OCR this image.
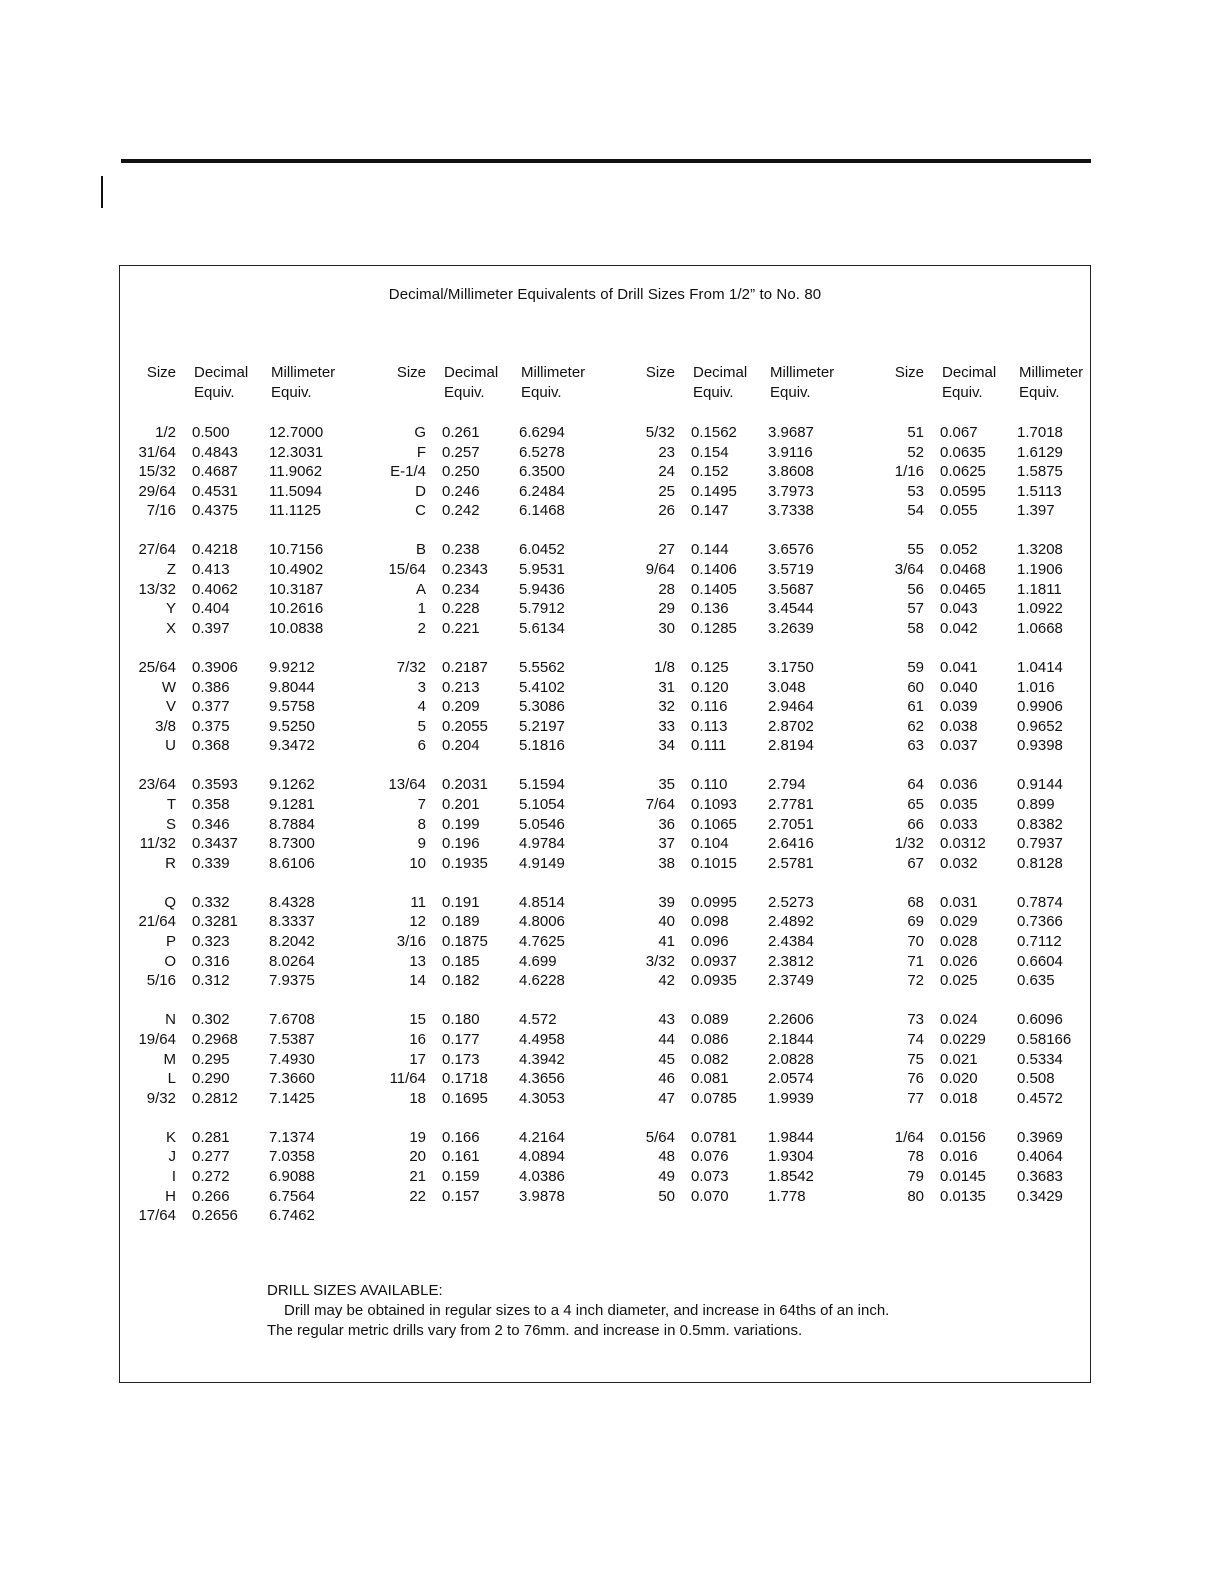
Decimal/Millimeter Equivalents of Drill Sizes From 1/2” to No. 80
Size Decimal
Equiv.
Millimeter
Equiv.
1/2 0.500	12.7000
31/64 0.4843 12.3031
15/32 0.4687 11.9062
29/64 0.4531 11.5094
7/16 0.4375 11.1125
27/64 0.4218 10.7156
Z 0.413	10.4902
13/32 0.4062 10.3187
Y 0.404	10.2616
X 0.397	10.0838
25/64 0.3906 9.9212
W 0.386	9.8044
V 0.377	9.5758
3/8 0.375	9.5250
U 0.368	9.3472
23/64 0.3593 9.1262
T 0.358	9.1281
S 0.346	8.7884
11/32 0.3437 8.7300
R 0.339	8.6106
Q 0.332	8.4328
21/64 0.3281 8.3337
P 0.323	8.2042
O 0.316	8.0264
5/16 0.312	7.9375
N 0.302	7.6708
19/64 0.2968 7.5387
M 0.295	7.4930
L 0.290	7.3660
9/32 0.2812 7.1425
K 0.281	7.1374
J 0.277	7.0358
I 0.272	6.9088
H 0.266	6.7564
17/64 0.2656 6.7462
Size Decimal
Equiv.
Millimeter
Equiv.
G 0.261	6.6294
F 0.257	6.5278
E-1/4 0.250	6.3500
D 0.246	6.2484
C 0.242	6.1468
B 0.238	6.0452
15/64 0.2343 5.9531
A 0.234	5.9436
1 0.228	5.7912
2 0.221	5.6134
7/32 0.2187 5.5562
3 0.213	5.4102
4 0.209	5.3086
5 0.2055 5.2197
6 0.204	5.1816
13/64 0.2031 5.1594
7 0.201	5.1054
8 0.199	5.0546
9 0.196	4.9784
10 0.1935 4.9149
11 0.191	4.8514
12 0.189	4.8006
3/16 0.1875 4.7625
13 0.185	4.699
14 0.182	4.6228
15 0.180	4.572
16 0.177	4.4958
17 0.173	4.3942
11/64 0.1718 4.3656
18 0.1695 4.3053
19 0.166	4.2164
20 0.161	4.0894
21 0.159	4.0386
22 0.157	3.9878
Size Decimal
Equiv.
Millimeter
Equiv.
5/32 0.1562 3.9687
23 0.154	3.9116
24 0.152	3.8608
25 0.1495 3.7973
26 0.147	3.7338
27 0.144	3.6576
9/64 0.1406 3.5719
28 0.1405 3.5687
29 0.136	3.4544
30 0.1285 3.2639
1/8 0.125	3.1750
31 0.120	3.048
32 0.116	2.9464
33 0.113	2.8702
34 0.111	2.8194
35 0.110	2.794
7/64 0.1093 2.7781
36 0.1065 2.7051
37 0.104	2.6416
38 0.1015 2.5781
39 0.0995 2.5273
40 0.098	2.4892
41 0.096	2.4384
3/32 0.0937 2.3812
42 0.0935 2.3749
43 0.089	2.2606
44 0.086	2.1844
45 0.082	2.0828
46 0.081	2.0574
47 0.0785 1.9939
5/64 0.0781 1.9844
48 0.076	1.9304
49 0.073	1.8542
50 0.070	1.778
Size Decimal
Equiv.
Millimeter
Equiv.
51 0.067	1.7018
52 0.0635 1.6129
1/16 0.0625 1.5875
53 0.0595 1.5113
54 0.055	1.397
55 0.052	1.3208
3/64 0.0468 1.1906
56 0.0465 1.1811
57 0.043	1.0922
58 0.042	1.0668
59 0.041	1.0414
60 0.040	1.016
61 0.039	0.9906
62 0.038	0.9652
63 0.037	0.9398
64 0.036	0.9144
65 0.035	0.899
66 0.033	0.8382
1/32 0.0312 0.7937
67 0.032	0.8128
68 0.031	0.7874
69 0.029	0.7366
70 0.028	0.7112
71 0.026	0.6604
72 0.025	0.635
73 0.024	0.6096
74 0.0229 0.58166
75 0.021	0.5334
76 0.020	0.508
77 0.018	0.4572
1/64 0.0156 0.3969
78 0.016	0.4064
79 0.0145 0.3683
80 0.0135 0.3429
DRILL SIZES AVAILABLE:
Drill may be obtained in regular sizes to a 4 inch diameter, and increase in 64ths of an inch.
The regular metric drills vary from 2 to 76mm. and increase in 0.5mm. variations.
